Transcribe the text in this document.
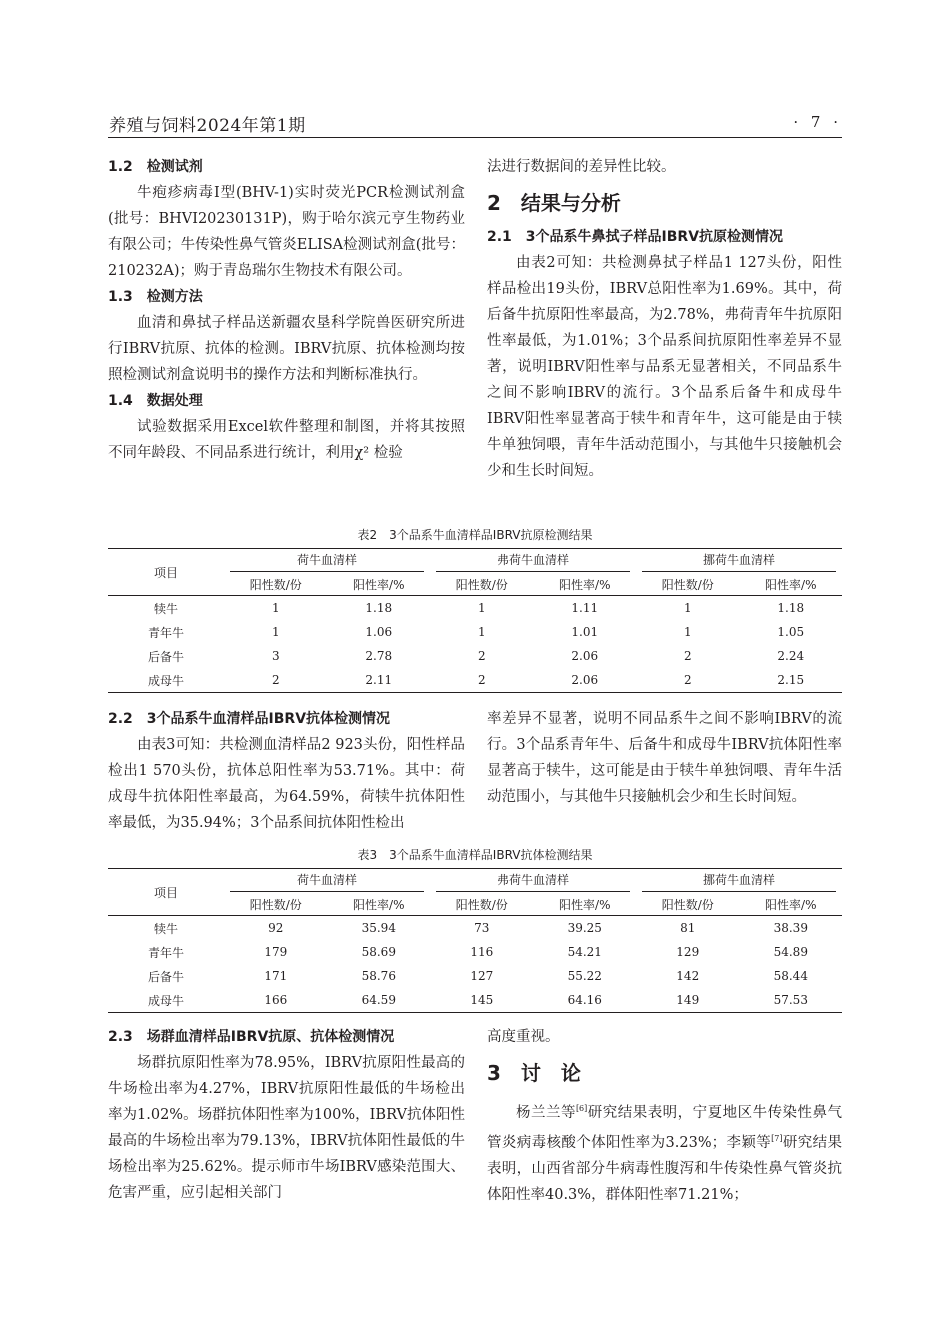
养殖与饲料2024年第1期	· 7 ·
1.2　检测试剂

牛疱疹病毒Ⅰ型(BHV-1)实时荧光PCR检测试剂盒(批号：BHVI20230131P)，购于哈尔滨元亨生物药业有限公司；牛传染性鼻气管炎ELISA检测试剂盒(批号：210232A)；购于青岛瑞尔生物技术有限公司。

1.3　检测方法

血清和鼻拭子样品送新疆农垦科学院兽医研究所进行IBRV抗原、抗体的检测。IBRV抗原、抗体检测均按照检测试剂盒说明书的操作方法和判断标准执行。

1.4　数据处理

试验数据采用Excel软件整理和制图，并将其按照不同年龄段、不同品系进行统计，利用χ² 检验

法进行数据间的差异性比较。

2　结果与分析
2.1　3个品系牛鼻拭子样品IBRV抗原检测情况

由表2可知：共检测鼻拭子样品1 127头份，阳性样品检出19头份，IBRV总阳性率为1.69%。其中，荷后备牛抗原阳性率最高，为2.78%，弗荷青年牛抗原阳性率最低，为1.01%；3个品系间抗原阳性率差异不显著，说明IBRV阳性率与品系无显著相关，不同品系牛之间不影响IBRV的流行。3个品系后备牛和成母牛IBRV阳性率显著高于犊牛和青年牛，这可能是由于犊牛单独饲喂，青年牛活动范围小，与其他牛只接触机会少和生长时间短。

表2　3个品系牛血清样品IBRV抗原检测结果
项目	荷牛血清样		弗荷牛血清样		挪荷牛血清样	

	阳性数/份	阳性率/%	阳性数/份	阳性率/%	阳性数/份	阳性率/%
犊牛	1	1.18	1	1.11	1	1.18
青年牛	1	1.06	1	1.01	1	1.05
后备牛	3	2.78	2	2.06	2	2.24
成母牛	2	2.11	2	2.06	2	2.15
2.2　3个品系牛血清样品IBRV抗体检测情况

由表3可知：共检测血清样品2 923头份，阳性样品检出1 570头份，抗体总阳性率为53.71%。其中：荷成母牛抗体阳性率最高，为64.59%，荷犊牛抗体阳性率最低，为35.94%；3个品系间抗体阳性检出

率差异不显著，说明不同品系牛之间不影响IBRV的流行。3个品系青年牛、后备牛和成母牛IBRV抗体阳性率显著高于犊牛，这可能是由于犊牛单独饲喂、青年牛活动范围小，与其他牛只接触机会少和生长时间短。

表3　3个品系牛血清样品IBRV抗体检测结果
项目	荷牛血清样		弗荷牛血清样		挪荷牛血清样	

	阳性数/份	阳性率/%	阳性数/份	阳性率/%	阳性数/份	阳性率/%
犊牛	92	35.94	73	39.25	81	38.39
青年牛	179	58.69	116	54.21	129	54.89
后备牛	171	58.76	127	55.22	142	58.44
成母牛	166	64.59	145	64.16	149	57.53
2.3　场群血清样品IBRV抗原、抗体检测情况

场群抗原阳性率为78.95%，IBRV抗原阳性最高的牛场检出率为4.27%，IBRV抗原阳性最低的牛场检出率为1.02%。场群抗体阳性率为100%，IBRV抗体阳性最高的牛场检出率为79.13%，IBRV抗体阳性最低的牛场检出率为25.62%。提示师市牛场IBRV感染范围大、危害严重，应引起相关部门

高度重视。

3　讨　论

杨兰兰等[6]研究结果表明，宁夏地区牛传染性鼻气管炎病毒核酸个体阳性率为3.23%；李颖等[7]研究结果表明，山西省部分牛病毒性腹泻和牛传染性鼻气管炎抗体阳性率40.3%，群体阳性率71.21%；
